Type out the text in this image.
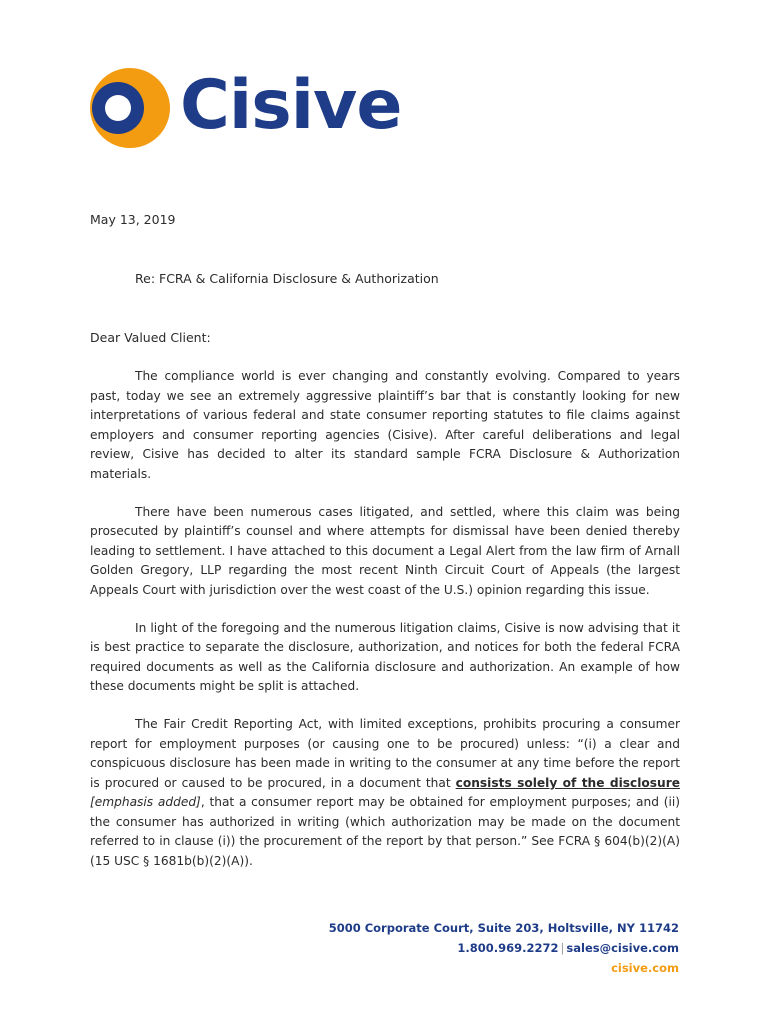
Cisive
May 13, 2019
Re: FCRA & California Disclosure & Authorization
Dear Valued Client:

The compliance world is ever changing and constantly evolving. Compared to years past, today we see an extremely aggressive plaintiff’s bar that is constantly looking for new interpretations of various federal and state consumer reporting statutes to file claims against employers and consumer reporting agencies (Cisive). After careful deliberations and legal review, Cisive has decided to alter its standard sample FCRA Disclosure & Authorization materials.

There have been numerous cases litigated, and settled, where this claim was being prosecuted by plaintiff’s counsel and where attempts for dismissal have been denied thereby leading to settlement. I have attached to this document a Legal Alert from the law firm of Arnall Golden Gregory, LLP regarding the most recent Ninth Circuit Court of Appeals (the largest Appeals Court with jurisdiction over the west coast of the U.S.) opinion regarding this issue.

In light of the foregoing and the numerous litigation claims, Cisive is now advising that it is best practice to separate the disclosure, authorization, and notices for both the federal FCRA required documents as well as the California disclosure and authorization. An example of how these documents might be split is attached.

The Fair Credit Reporting Act, with limited exceptions, prohibits procuring a consumer report for employment purposes (or causing one to be procured) unless: “(i) a clear and conspicuous disclosure has been made in writing to the consumer at any time before the report is procured or caused to be procured, in a document that consists solely of the disclosure [emphasis added], that a consumer report may be obtained for employment purposes; and (ii) the consumer has authorized in writing (which authorization may be made on the document referred to in clause (i)) the procurement of the report by that person.” See FCRA § 604(b)(2)(A) (15 USC § 1681b(b)(2)(A)).

5000 Corporate Court, Suite 203, Holtsville, NY 11742
1.800.969.2272 | sales@cisive.com
cisive.com
